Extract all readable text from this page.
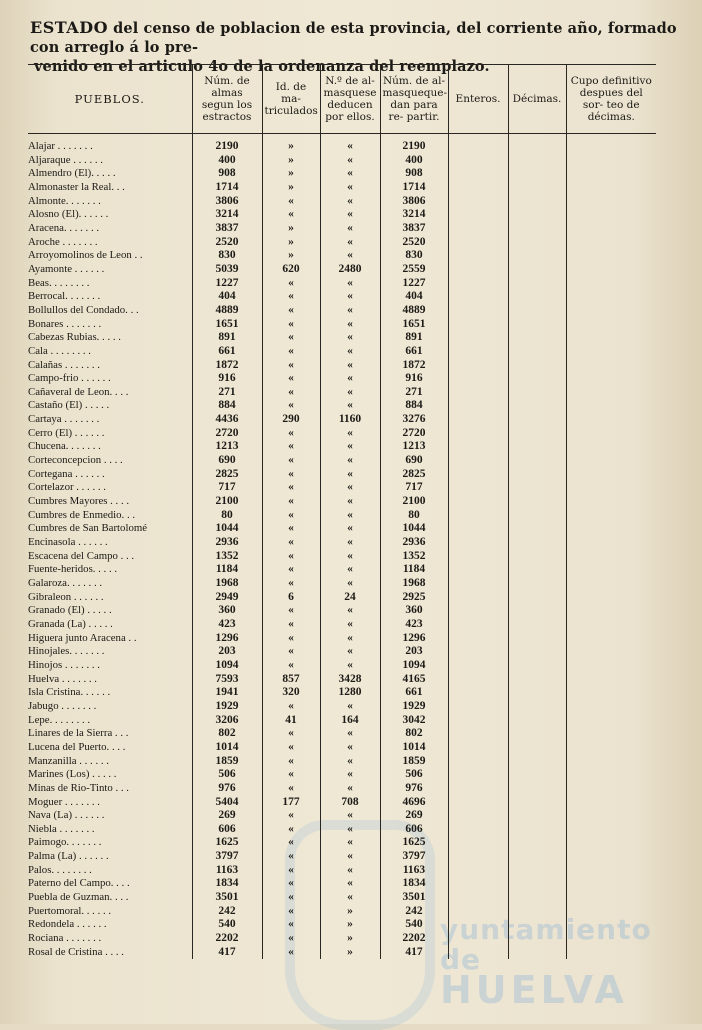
yuntamiento de
HUELVA
ESTADO del censo de poblacion de esta provincia, del corriente año, formado con arreglo á lo pre-
venido en el articulo 4o de la ordenanza del reemplazo.
PUEBLOS.	Núm. de almas segun los estractos	Id. de ma- triculados	N.º de al- masquese deducen por ellos.	Núm. de al- masqueque- dan para re- partir.	Enteros.	Décimas.	Cupo definitivo despues del sor- teo de décimas.

Alajar . . . . . . .	2190	»	«	2190			
Aljaraque . . . . . .	400	»	«	400			
Almendro (El). . . . .	908	»	«	908			
Almonaster la Real. . .	1714	»	«	1714			
Almonte. . . . . . .	3806	«	«	3806			
Alosno (El). . . . . .	3214	«	«	3214			
Aracena. . . . . . .	3837	»	«	3837			
Aroche . . . . . . .	2520	»	«	2520			
Arroyomolinos de Leon . .	830	»	«	830			
Ayamonte . . . . . .	5039	620	2480	2559			
Beas. . . . . . . .	1227	«	«	1227			
Berrocal. . . . . . .	404	«	«	404			
Bollullos del Condado. . .	4889	«	«	4889			
Bonares . . . . . . .	1651	«	«	1651			
Cabezas Rubias. . . . .	891	«	«	891			
Cala . . . . . . . .	661	«	«	661			
Calañas . . . . . . .	1872	«	«	1872			
Campo-frio . . . . . .	916	«	«	916			
Cañaveral de Leon. . . .	271	«	«	271			
Castaño (El) . . . . .	884	«	«	884			
Cartaya . . . . . . .	4436	290	1160	3276			
Cerro (El) . . . . . .	2720	«	«	2720			
Chucena. . . . . . .	1213	«	«	1213			
Corteconcepcion . . . .	690	«	«	690			
Cortegana . . . . . .	2825	«	«	2825			
Cortelazor . . . . . .	717	«	«	717			
Cumbres Mayores . . . .	2100	«	«	2100			
Cumbres de Enmedio. . .	80	«	«	80			
Cumbres de San Bartolomé	1044	«	«	1044			
Encinasola . . . . . .	2936	«	«	2936			
Escacena del Campo . . .	1352	«	«	1352			
Fuente-heridos. . . . .	1184	«	«	1184			
Galaroza. . . . . . .	1968	«	«	1968			
Gibraleon . . . . . .	2949	6	24	2925			
Granado (El) . . . . .	360	«	«	360			
Granada (La) . . . . .	423	«	«	423			
Higuera junto Aracena . .	1296	«	«	1296			
Hinojales. . . . . . .	203	«	«	203			
Hinojos . . . . . . .	1094	«	«	1094			
Huelva . . . . . . .	7593	857	3428	4165			
Isla Cristina. . . . . .	1941	320	1280	661			
Jabugo . . . . . . .	1929	«	«	1929			
Lepe. . . . . . . .	3206	41	164	3042			
Linares de la Sierra . . .	802	«	«	802			
Lucena del Puerto. . . .	1014	«	«	1014			
Manzanilla . . . . . .	1859	«	«	1859			
Marines (Los) . . . . .	506	«	«	506			
Minas de Rio-Tinto . . .	976	«	«	976			
Moguer . . . . . . .	5404	177	708	4696			
Nava (La) . . . . . .	269	«	«	269			
Niebla . . . . . . .	606	«	«	606			
Paimogo. . . . . . .	1625	«	«	1625			
Palma (La) . . . . . .	3797	«	«	3797			
Palos. . . . . . . .	1163	«	«	1163			
Paterno del Campo. . . .	1834	«	«	1834			
Puebla de Guzman. . . .	3501	«	«	3501			
Puertomoral. . . . . .	242	«	»	242			
Redondela . . . . . .	540	«	»	540			
Rociana . . . . . . .	2202	«	»	2202			
Rosal de Cristina . . . .	417	«	»	417			
